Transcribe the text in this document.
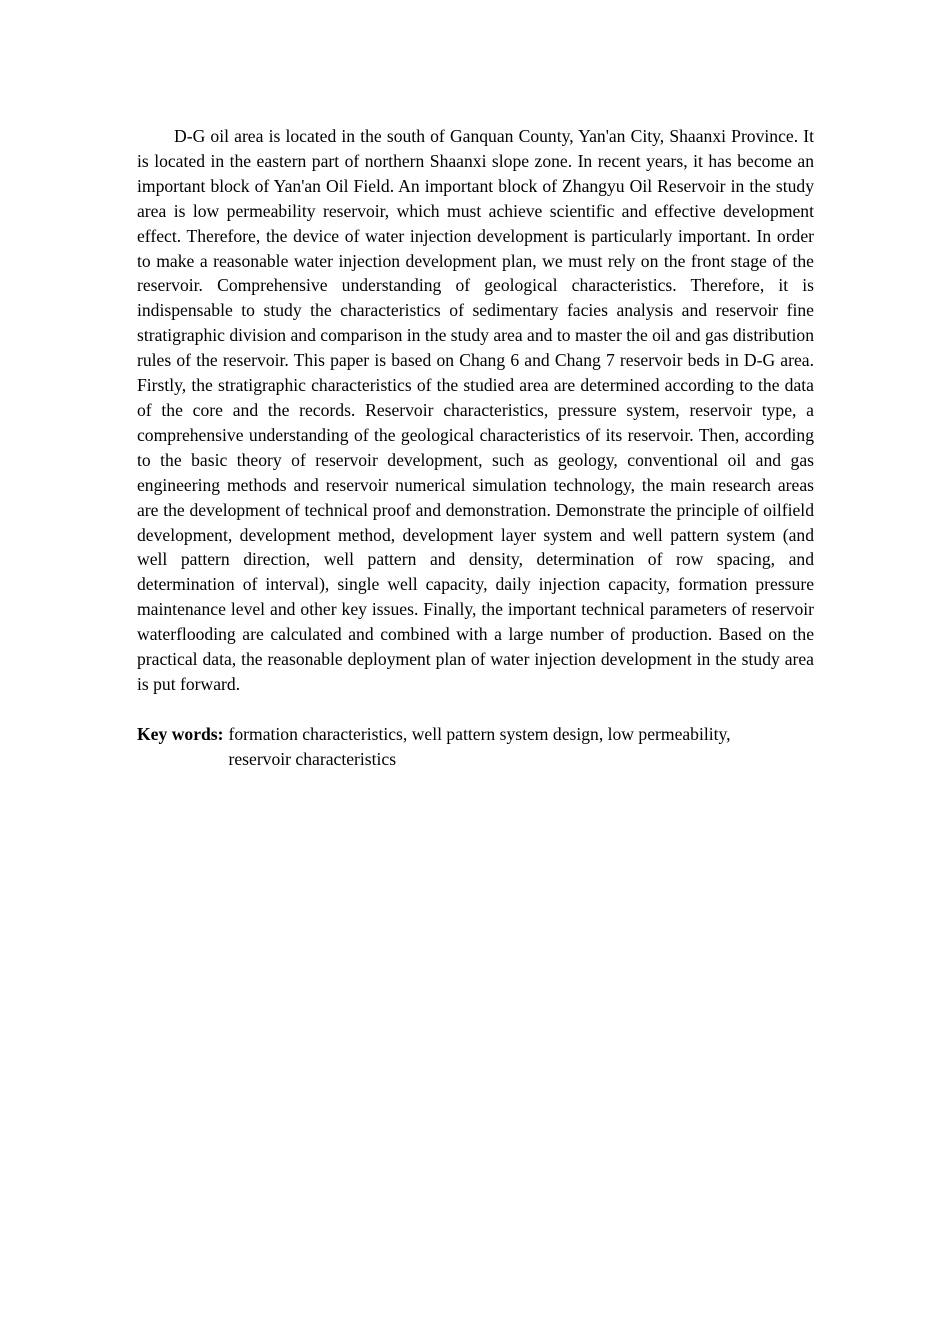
D-G oil area is located in the south of Ganquan County, Yan'an City, Shaanxi Province. It is located in the eastern part of northern Shaanxi slope zone. In recent years, it has become an important block of Yan'an Oil Field. An important block of Zhangyu Oil Reservoir in the study area is low permeability reservoir, which must achieve scientific and effective development effect. Therefore, the device of water injection development is particularly important. In order to make a reasonable water injection development plan, we must rely on the front stage of the reservoir. Comprehensive understanding of geological characteristics. Therefore, it is indispensable to study the characteristics of sedimentary facies analysis and reservoir fine stratigraphic division and comparison in the study area and to master the oil and gas distribution rules of the reservoir. This paper is based on Chang 6 and Chang 7 reservoir beds in D-G area. Firstly, the stratigraphic characteristics of the studied area are determined according to the data of the core and the records. Reservoir characteristics, pressure system, reservoir type, a comprehensive understanding of the geological characteristics of its reservoir. Then, according to the basic theory of reservoir development, such as geology, conventional oil and gas engineering methods and reservoir numerical simulation technology, the main research areas are the development of technical proof and demonstration. Demonstrate the principle of oilfield development, development method, development layer system and well pattern system (and well pattern direction, well pattern and density, determination of row spacing, and determination of interval), single well capacity, daily injection capacity, formation pressure maintenance level and other key issues. Finally, the important technical parameters of reservoir waterflooding are calculated and combined with a large number of production. Based on the practical data, the reasonable deployment plan of water injection development in the study area is put forward.

Key words: formation characteristics, well pattern system design, low permeability, reservoir characteristics
